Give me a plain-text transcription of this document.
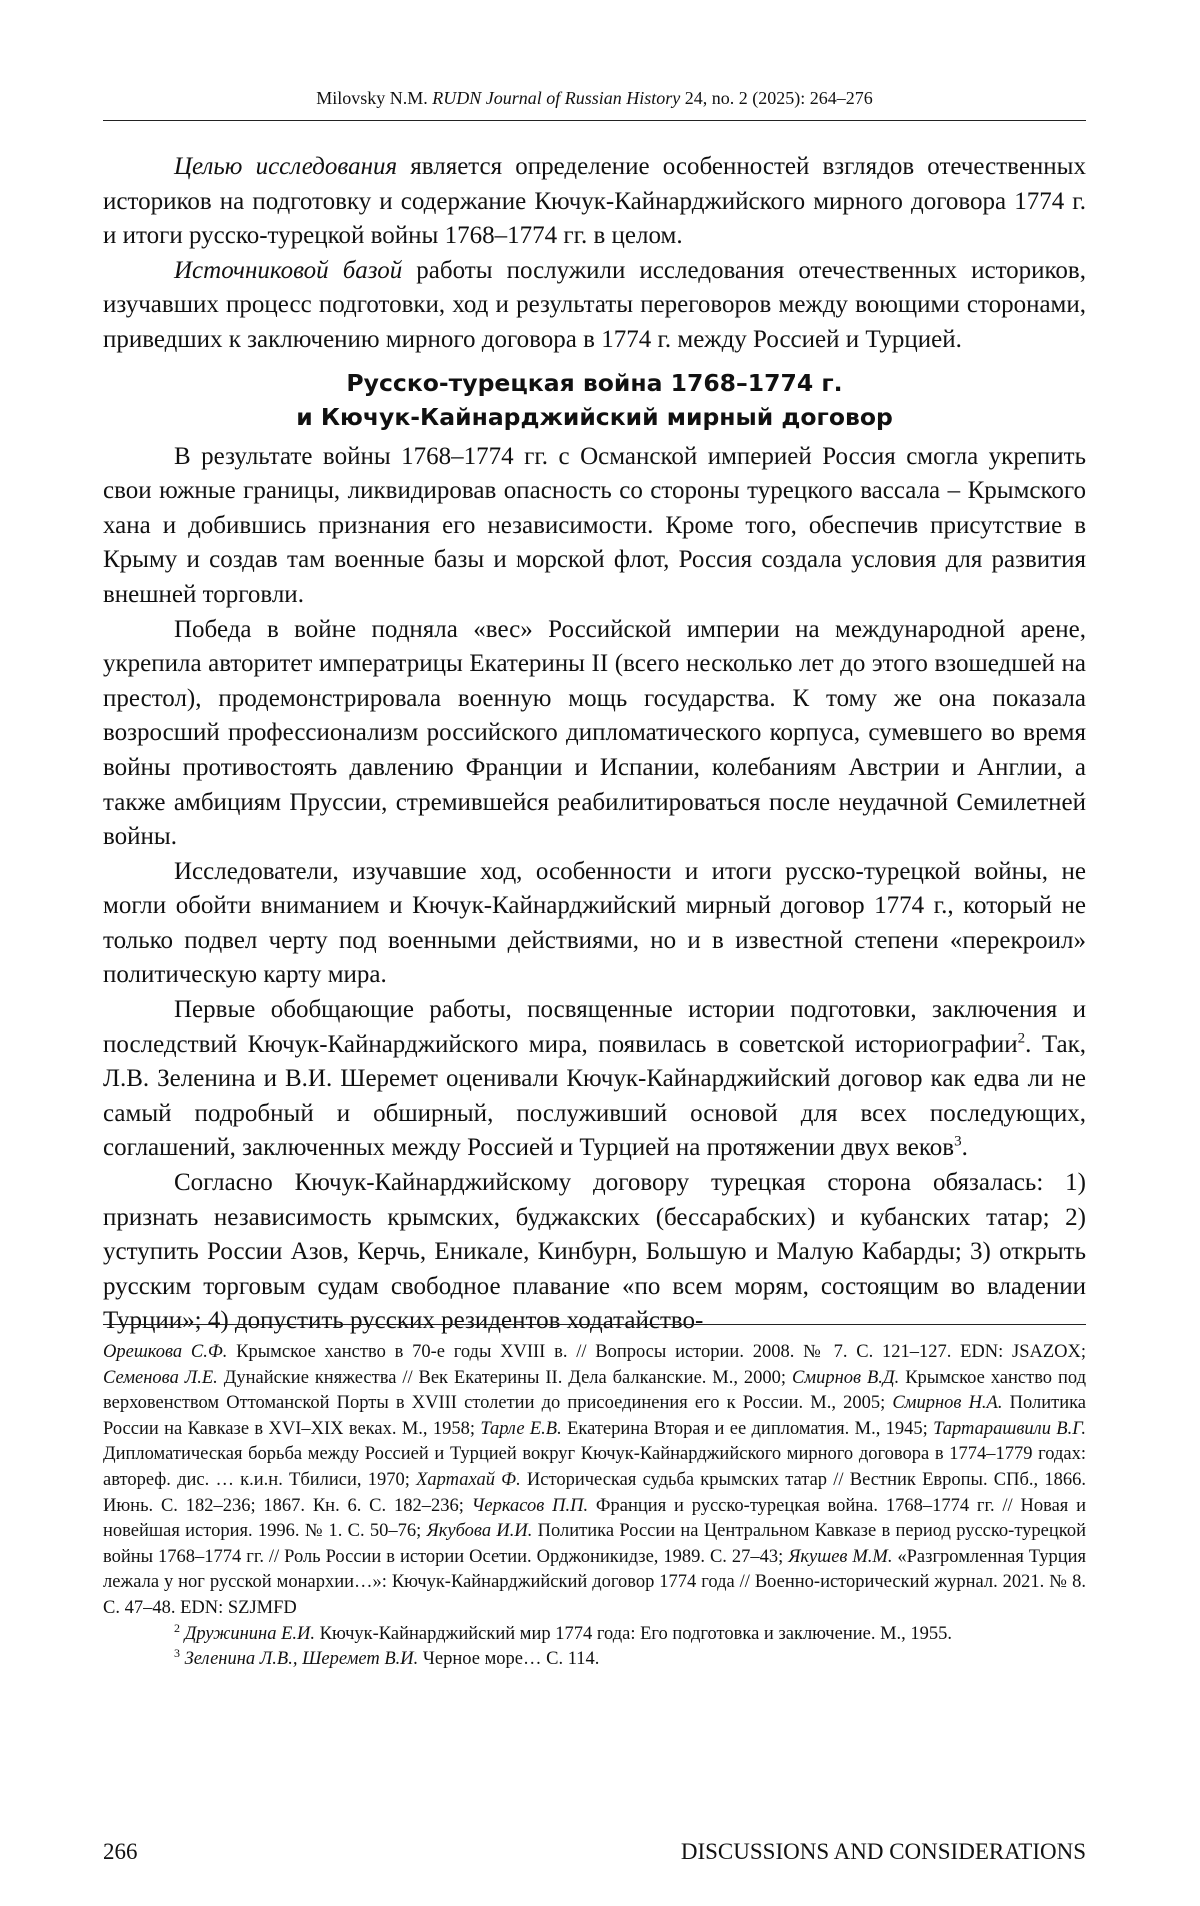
Milovsky N.M. RUDN Journal of Russian History 24, no. 2 (2025): 264–276

Целью исследования является определение особенностей взглядов отечественных историков на подготовку и содержание Кючук-Кайнарджийского мирного договора 1774 г. и итоги русско-турецкой войны 1768–1774 гг. в целом.

Источниковой базой работы послужили исследования отечественных историков, изучавших процесс подготовки, ход и результаты переговоров между воющими сторонами, приведших к заключению мирного договора в 1774 г. между Россией и Турцией.

Русско-турецкая война 1768–1774 г.
и Кючук-Кайнарджийский мирный договор

В результате войны 1768–1774 гг. с Османской империей Россия смогла укрепить свои южные границы, ликвидировав опасность со стороны турецкого вассала – Крымского хана и добившись признания его независимости. Кроме того, обеспечив присутствие в Крыму и создав там военные базы и морской флот, Россия создала условия для развития внешней торговли.

Победа в войне подняла «вес» Российской империи на международной арене, укрепила авторитет императрицы Екатерины II (всего несколько лет до этого взошедшей на престол), продемонстрировала военную мощь государства. К тому же она показала возросший профессионализм российского дипломатического корпуса, сумевшего во время войны противостоять давлению Франции и Испании, колебаниям Австрии и Англии, а также амбициям Пруссии, стремившейся реабилитироваться после неудачной Семилетней войны.

Исследователи, изучавшие ход, особенности и итоги русско-турецкой войны, не могли обойти вниманием и Кючук-Кайнарджийский мирный договор 1774 г., который не только подвел черту под военными действиями, но и в известной степени «перекроил» политическую карту мира.

Первые обобщающие работы, посвященные истории подготовки, заключения и последствий Кючук-Кайнарджийского мира, появилась в советской историографии2. Так, Л.В. Зеленина и В.И. Шеремет оценивали Кючук-Кайнарджийский договор как едва ли не самый подробный и обширный, послуживший основой для всех последующих, соглашений, заключенных между Россией и Турцией на протяжении двух веков3.

Согласно Кючук-Кайнарджийскому договору турецкая сторона обязалась: 1) признать независимость крымских, буджакских (бессарабских) и кубанских татар; 2) уступить России Азов, Керчь, Еникале, Кинбурн, Большую и Малую Кабарды; 3) открыть русским торговым судам свободное плавание «по всем морям, состоящим во владении Турции»; 4) допустить русских резидентов ходатайство-

Орешкова С.Ф. Крымское ханство в 70-е годы XVIII в. // Вопросы истории. 2008. № 7. С. 121–127. EDN: JSAZOX; Семенова Л.Е. Дунайские княжества // Век Екатерины II. Дела балканские. М., 2000; Смирнов В.Д. Крымское ханство под верховенством Оттоманской Порты в XVIII столетии до присоединения его к России. М., 2005; Смирнов Н.А. Политика России на Кавказе в XVI–XIX веках. М., 1958; Тарле Е.В. Екатерина Вторая и ее дипломатия. М., 1945; Тартарашвили В.Г. Дипломатическая борьба между Россией и Турцией вокруг Кючук-Кайнарджийского мирного договора в 1774–1779 годах: автореф. дис. … к.и.н. Тбилиси, 1970; Хартахай Ф. Историческая судьба крымских татар // Вестник Европы. СПб., 1866. Июнь. С. 182–236; 1867. Кн. 6. С. 182–236; Черкасов П.П. Франция и русско-турецкая война. 1768–1774 гг. // Новая и новейшая история. 1996. № 1. С. 50–76; Якубова И.И. Политика России на Центральном Кавказе в период русско-турецкой войны 1768–1774 гг. // Роль России в истории Осетии. Орджоникидзе, 1989. С. 27–43; Якушев М.М. «Разгромленная Турция лежала у ног русской монархии…»: Кючук-Кайнарджийский договор 1774 года // Военно-исторический журнал. 2021. № 8. С. 47–48. EDN: SZJMFD

2 Дружинина Е.И. Кючук-Кайнарджийский мир 1774 года: Его подготовка и заключение. М., 1955.

3 Зеленина Л.В., Шеремет В.И. Черное море… С. 114.

266	DISCUSSIONS AND CONSIDERATIONS
